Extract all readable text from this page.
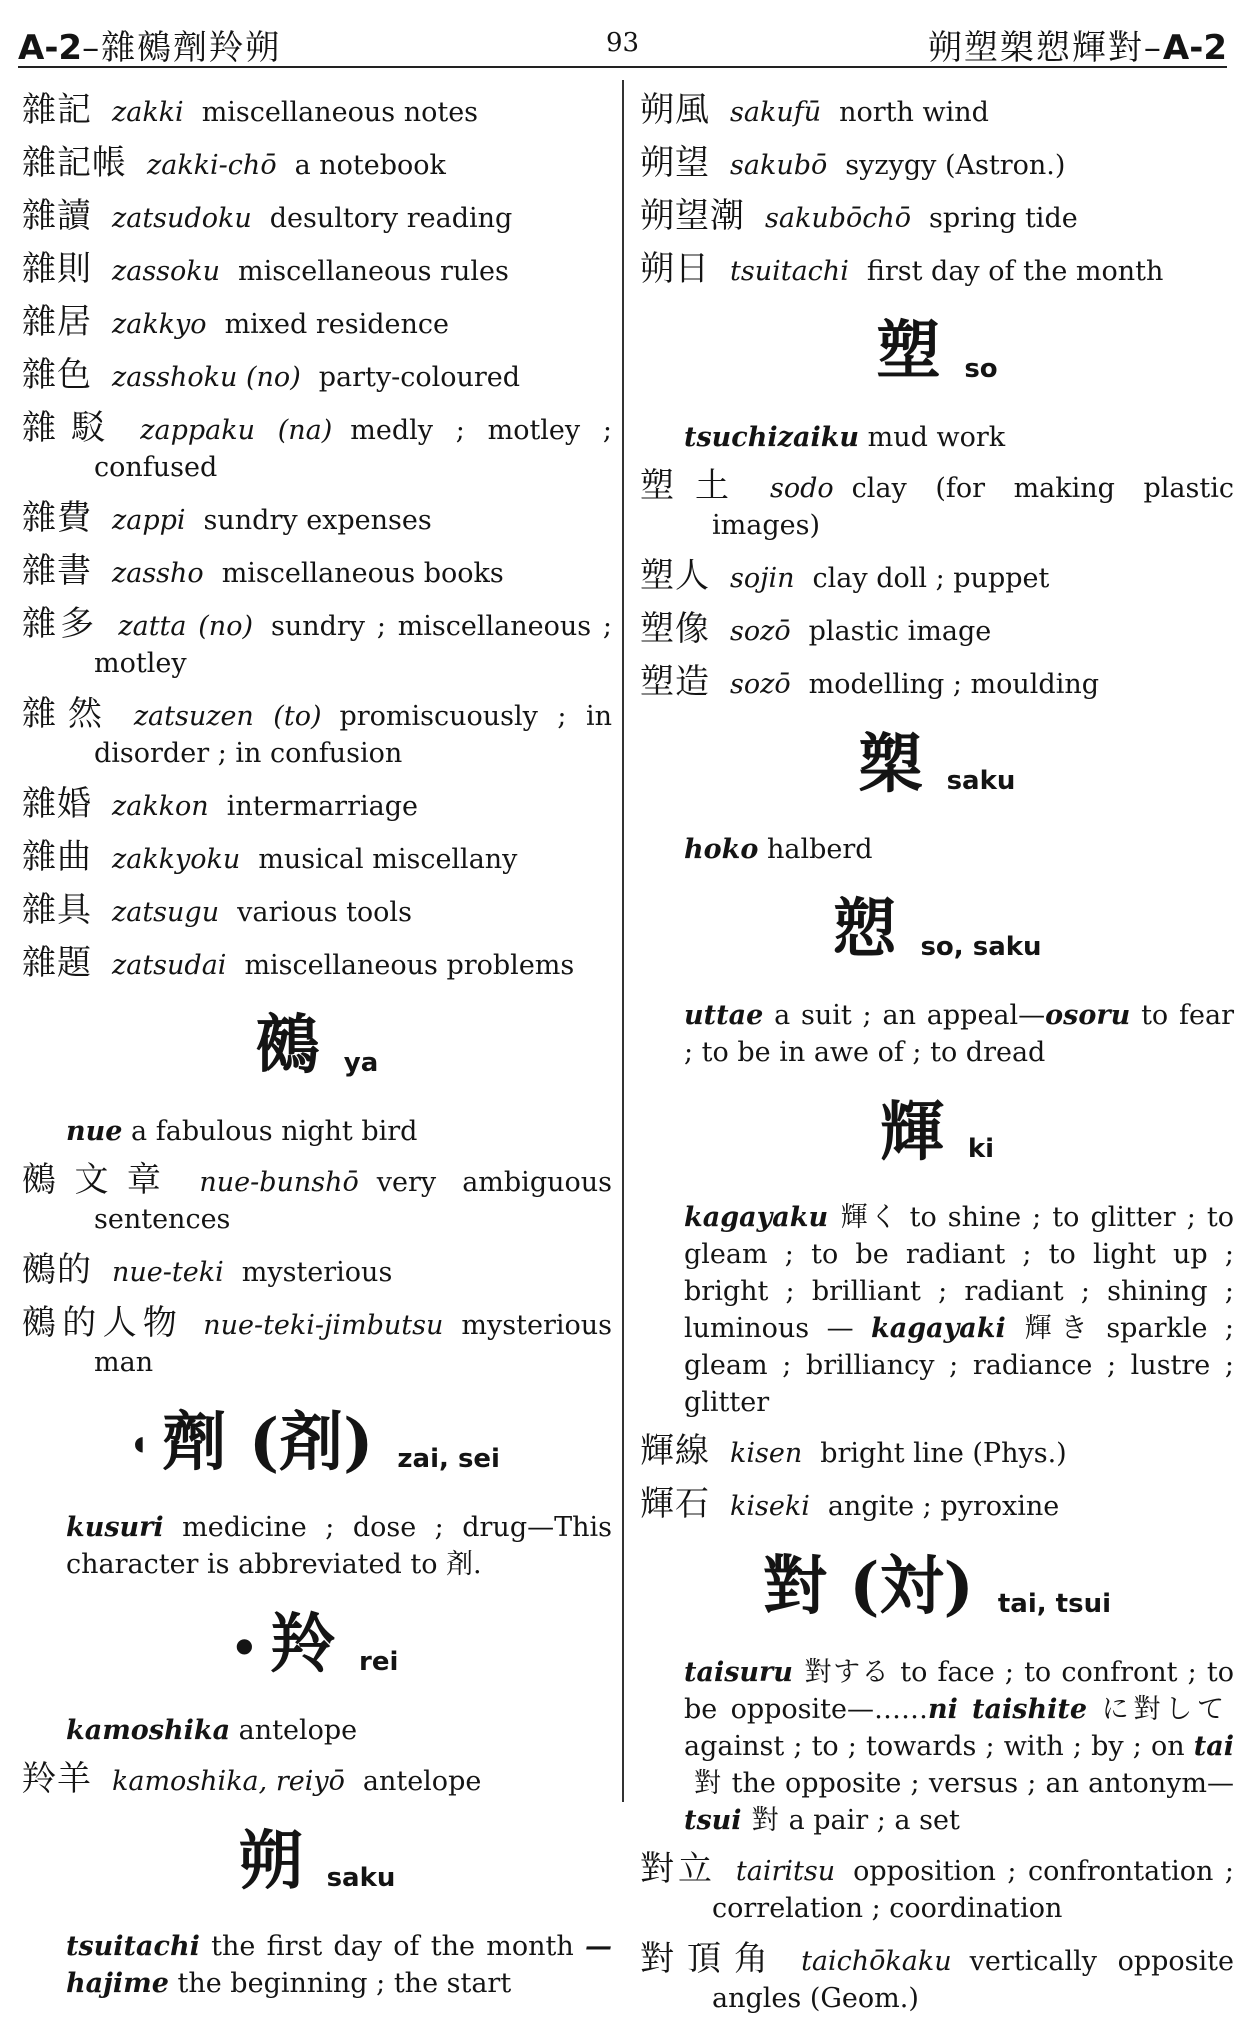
A-2–雜鵺劑羚朔	93	朔塑槊愬輝對–A-2
雜記 zakki miscellaneous notes
雜記帳 zakki-chō a notebook
雜讀 zatsudoku desultory reading
雜則 zassoku miscellaneous rules
雜居 zakkyo mixed residence
雜色 zasshoku (no) party-coloured
雜駁 zappaku (na) medly ; motley ; confused
雜費 zappi sundry expenses
雜書 zassho miscellaneous books
雜多 zatta (no) sundry ; miscellaneous ; motley
雜然 zatsuzen (to) promiscuously ; in disorder ; in confusion
雜婚 zakkon intermarriage
雜曲 zakkyoku musical miscellany
雜具 zatsugu various tools
雜題 zatsudai miscellaneous problems
鵺ya
nue a fabulous night bird
鵺文章 nue-bunshō very ambiguous sentences
鵺的 nue-teki mysterious
鵺的人物 nue-teki-jimbutsu mysterious man
◖ 劑 (剤) zai, sei
kusuri medicine ; dose ; drug—This character is abbreviated to 剤.
● 羚 rei
kamoshika antelope
羚羊 kamoshika, reiyō antelope
朔saku
tsuitachi the first day of the month —hajime the beginning ; the start
朔風 sakufū north wind
朔望 sakubō syzygy (Astron.)
朔望潮 sakubōchō spring tide
朔日 tsuitachi first day of the month
塑so
tsuchizaiku mud work
塑土 sodo clay (for making plastic images)
塑人 sojin clay doll ; puppet
塑像 sozō plastic image
塑造 sozō modelling ; moulding
槊saku
hoko halberd
愬so, saku
uttae a suit ; an appeal—osoru to fear ; to be in awe of ; to dread
輝ki
kagayaku 輝く to shine ; to glitter ; to gleam ; to be radiant ; to light up ; bright ; brilliant ; radiant ; shining ; luminous — kagayaki 輝き sparkle ; gleam ; brilliancy ; radiance ; lustre ; glitter
輝線 kisen bright line (Phys.)
輝石 kiseki angite ; pyroxine
對 (対) tai, tsui
taisuru 對する to face ; to confront ; to be opposite—……ni taishite に對してagainst ; to ; towards ; with ; by ; on tai對 the opposite ; versus ; an antonym—tsui 對 a pair ; a set
對立 tairitsu opposition ; confrontation ; correlation ; coordination
對頂角 taichōkaku vertically opposite angles (Geom.)
